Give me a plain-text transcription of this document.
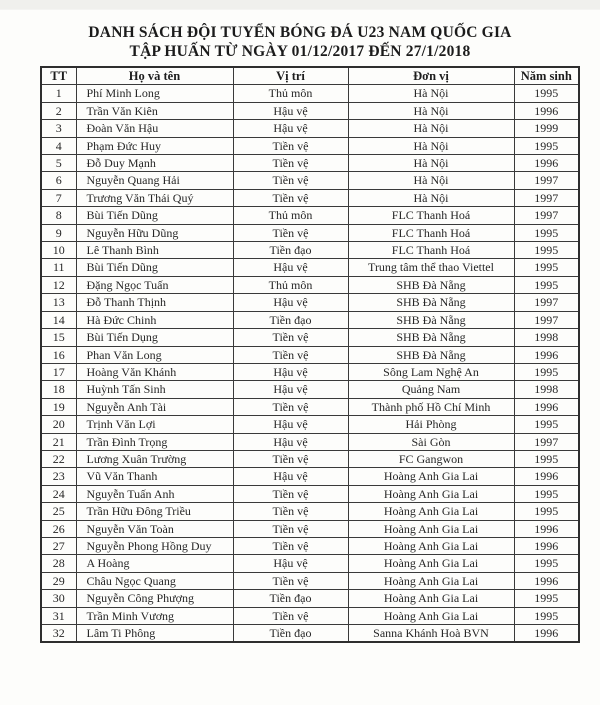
DANH SÁCH ĐỘI TUYỂN BÓNG ĐÁ U23 NAM QUỐC GIA
TẬP HUẤN TỪ NGÀY 01/12/2017 ĐẾN 27/1/2018
TT	Họ và tên	Vị trí	Đơn vị	Năm sinh
1	Phí Minh Long	Thủ môn	Hà Nội	1995
2	Trần Văn Kiên	Hậu vệ	Hà Nội	1996
3	Đoàn Văn Hậu	Hậu vệ	Hà Nội	1999
4	Phạm Đức Huy	Tiền vệ	Hà Nội	1995
5	Đỗ Duy Mạnh	Tiền vệ	Hà Nội	1996
6	Nguyễn Quang Hải	Tiền vệ	Hà Nội	1997
7	Trương Văn Thái Quý	Tiền vệ	Hà Nội	1997
8	Bùi Tiến Dũng	Thủ môn	FLC Thanh Hoá	1997
9	Nguyễn Hữu Dũng	Tiền vệ	FLC Thanh Hoá	1995
10	Lê Thanh Bình	Tiền đạo	FLC Thanh Hoá	1995
11	Bùi Tiến Dũng	Hậu vệ	Trung tâm thể thao Viettel	1995
12	Đặng Ngọc Tuấn	Thủ môn	SHB Đà Nẵng	1995
13	Đỗ Thanh Thịnh	Hậu vệ	SHB Đà Nẵng	1997
14	Hà Đức Chinh	Tiền đạo	SHB Đà Nẵng	1997
15	Bùi Tiến Dụng	Tiền vệ	SHB Đà Nẵng	1998
16	Phan Văn Long	Tiền vệ	SHB Đà Nẵng	1996
17	Hoàng Văn Khánh	Hậu vệ	Sông Lam Nghệ An	1995
18	Huỳnh Tấn Sinh	Hậu vệ	Quảng Nam	1998
19	Nguyễn Anh Tài	Tiền vệ	Thành phố Hồ Chí Minh	1996
20	Trịnh Văn Lợi	Hậu vệ	Hải Phòng	1995
21	Trần Đình Trọng	Hậu vệ	Sài Gòn	1997
22	Lương Xuân Trường	Tiền vệ	FC Gangwon	1995
23	Vũ Văn Thanh	Hậu vệ	Hoàng Anh Gia Lai	1996
24	Nguyễn Tuấn Anh	Tiền vệ	Hoàng Anh Gia Lai	1995
25	Trần Hữu Đông Triều	Tiền vệ	Hoàng Anh Gia Lai	1995
26	Nguyễn Văn Toàn	Tiền vệ	Hoàng Anh Gia Lai	1996
27	Nguyễn Phong Hồng Duy	Tiền vệ	Hoàng Anh Gia Lai	1996
28	A Hoàng	Hậu vệ	Hoàng Anh Gia Lai	1995
29	Châu Ngọc Quang	Tiền vệ	Hoàng Anh Gia Lai	1996
30	Nguyễn Công Phượng	Tiền đạo	Hoàng Anh Gia Lai	1995
31	Trần Minh Vương	Tiền vệ	Hoàng Anh Gia Lai	1995
32	Lâm Ti Phông	Tiền đạo	Sanna Khánh Hoà BVN	1996
